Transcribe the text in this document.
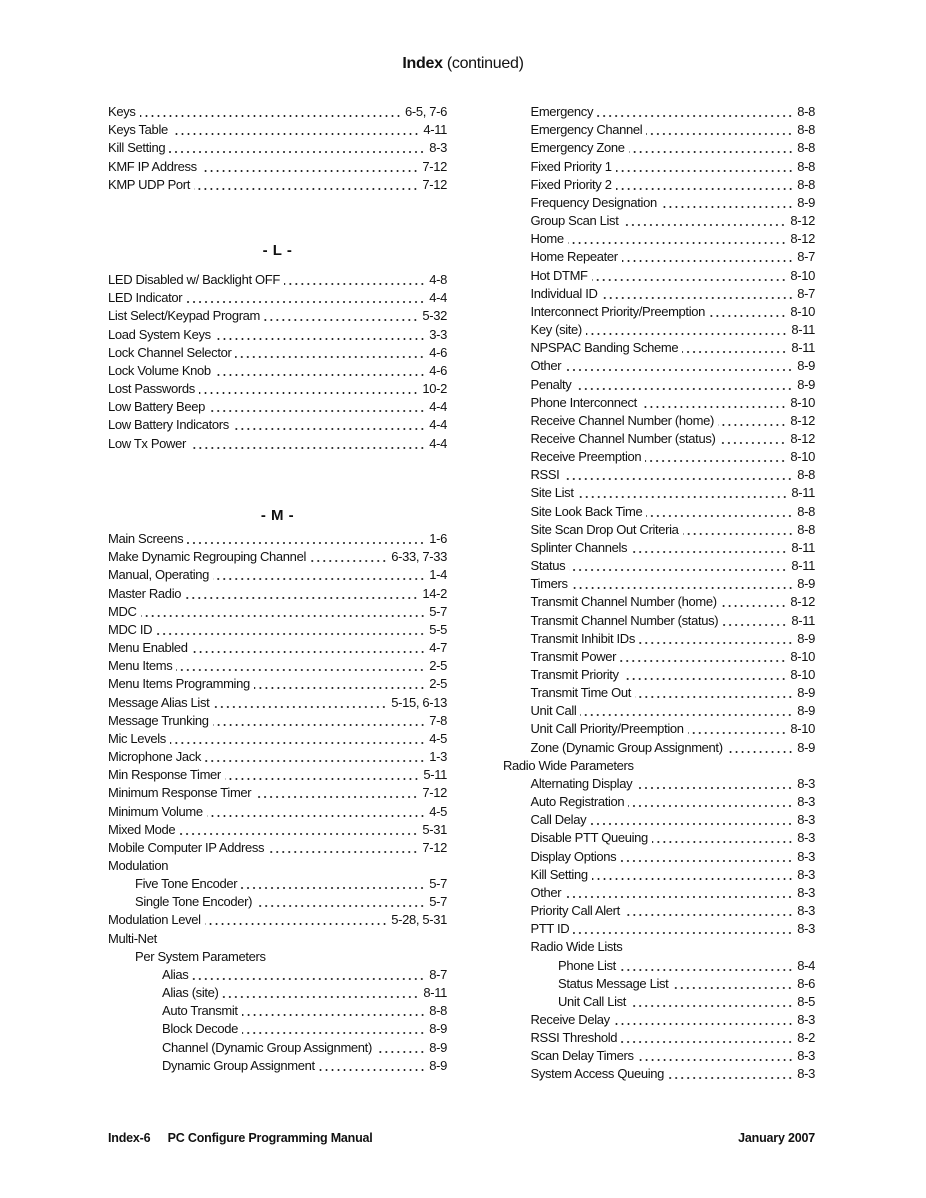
Index (continued)
Keys	6-5, 7-6
Keys Table	4-11
Kill Setting	8-3
KMF IP Address	7-12
KMP UDP Port	7-12
- L -
LED Disabled w/ Backlight OFF	4-8
LED Indicator	4-4
List Select/Keypad Program	5-32
Load System Keys	3-3
Lock Channel Selector	4-6
Lock Volume Knob	4-6
Lost Passwords	10-2
Low Battery Beep	4-4
Low Battery Indicators	4-4
Low Tx Power	4-4
- M -
Main Screens	1-6
Make Dynamic Regrouping Channel	6-33, 7-33
Manual, Operating	1-4
Master Radio	14-2
MDC	5-7
MDC ID	5-5
Menu Enabled	4-7
Menu Items	2-5
Menu Items Programming	2-5
Message Alias List	5-15, 6-13
Message Trunking	7-8
Mic Levels	4-5
Microphone Jack	1-3
Min Response Timer	5-11
Minimum Response Timer	7-12
Minimum Volume	4-5
Mixed Mode	5-31
Mobile Computer IP Address	7-12
Modulation
Five Tone Encoder	5-7
Single Tone Encoder)	5-7
Modulation Level	5-28, 5-31
Multi-Net
Per System Parameters
Alias	8-7
Alias (site)	8-11
Auto Transmit	8-8
Block Decode	8-9
Channel (Dynamic Group Assignment)	8-9
Dynamic Group Assignment	8-9
Emergency	8-8
Emergency Channel	8-8
Emergency Zone	8-8
Fixed Priority 1	8-8
Fixed Priority 2	8-8
Frequency Designation	8-9
Group Scan List	8-12
Home	8-12
Home Repeater	8-7
Hot DTMF	8-10
Individual ID	8-7
Interconnect Priority/Preemption	8-10
Key (site)	8-11
NPSPAC Banding Scheme	8-11
Other	8-9
Penalty	8-9
Phone Interconnect	8-10
Receive Channel Number (home)	8-12
Receive Channel Number (status)	8-12
Receive Preemption	8-10
RSSI	8-8
Site List	8-11
Site Look Back Time	8-8
Site Scan Drop Out Criteria	8-8
Splinter Channels	8-11
Status	8-11
Timers	8-9
Transmit Channel Number (home)	8-12
Transmit Channel Number (status)	8-11
Transmit Inhibit IDs	8-9
Transmit Power	8-10
Transmit Priority	8-10
Transmit Time Out	8-9
Unit Call	8-9
Unit Call Priority/Preemption	8-10
Zone (Dynamic Group Assignment)	8-9
Radio Wide Parameters
Alternating Display	8-3
Auto Registration	8-3
Call Delay	8-3
Disable PTT Queuing	8-3
Display Options	8-3
Kill Setting	8-3
Other	8-3
Priority Call Alert	8-3
PTT ID	8-3
Radio Wide Lists
Phone List	8-4
Status Message List	8-6
Unit Call List	8-5
Receive Delay	8-3
RSSI Threshold	8-2
Scan Delay Timers	8-3
System Access Queuing	8-3
Index-6 PC Configure Programming Manual	January 2007
